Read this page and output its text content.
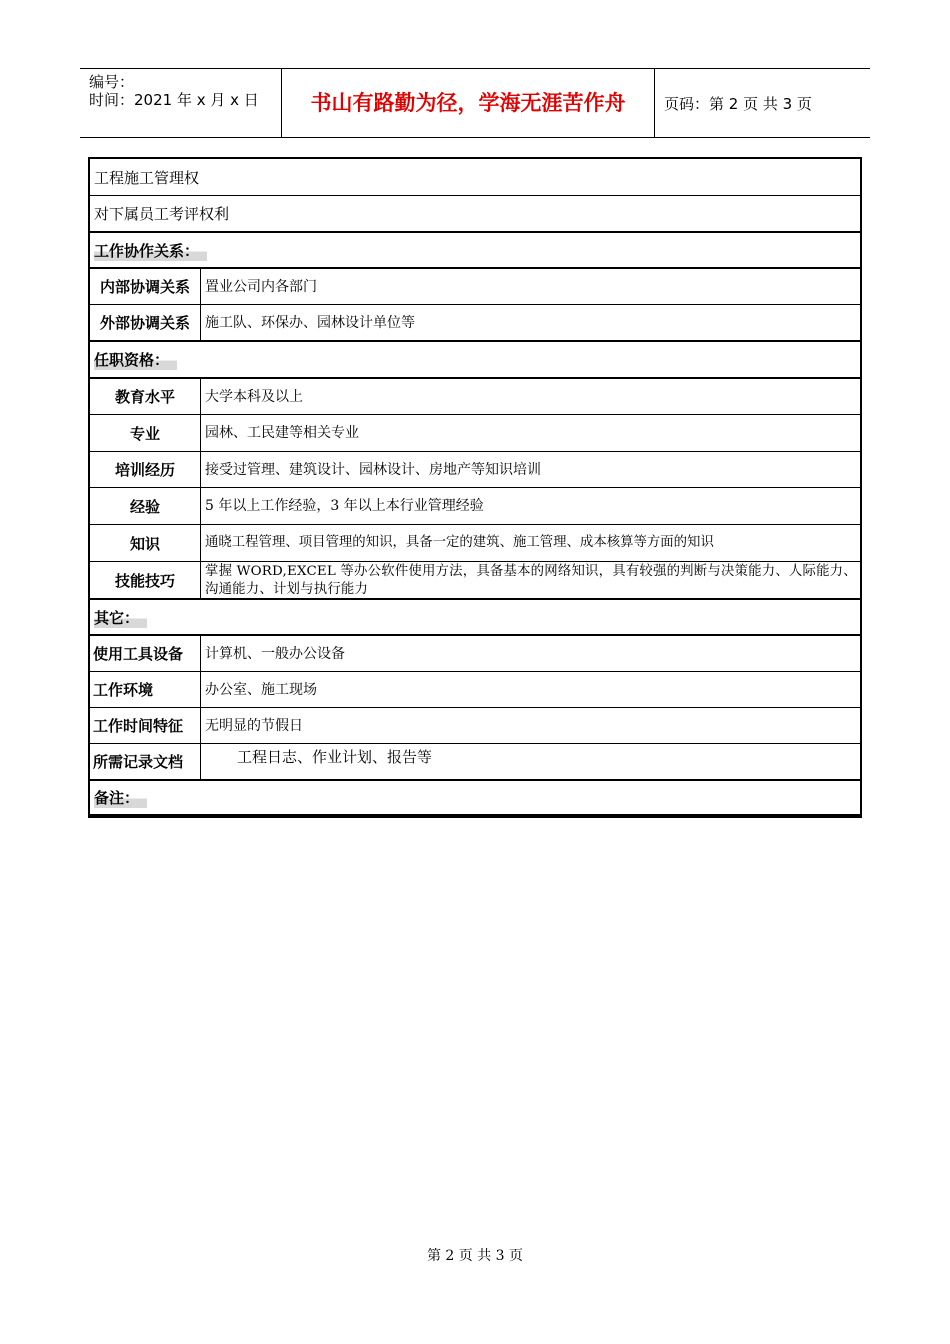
编号：
时间：2021 年 x 月 x 日	书山有路勤为径，学海无涯苦作舟	页码：第 2 页 共 3 页
工程施工管理权
对下属员工考评权利
工作协作关系：
内部协调关系	置业公司内各部门
外部协调关系	施工队、环保办、园林设计单位等
任职资格：
教育水平	大学本科及以上
专业	园林、工民建等相关专业
培训经历	接受过管理、建筑设计、园林设计、房地产等知识培训
经验	5 年以上工作经验，3 年以上本行业管理经验
知识	通晓工程管理、项目管理的知识，具备一定的建筑、施工管理、成本核算等方面的知识
技能技巧	掌握 WORD,EXCEL 等办公软件使用方法，具备基本的网络知识，具有较强的判断与决策能力、人际能力、沟通能力、计划与执行能力
其它：
使用工具设备	计算机、一般办公设备
工作环境	办公室、施工现场
工作时间特征	无明显的节假日
所需记录文档	工程日志、作业计划、报告等
备注：
第 2 页 共 3 页
